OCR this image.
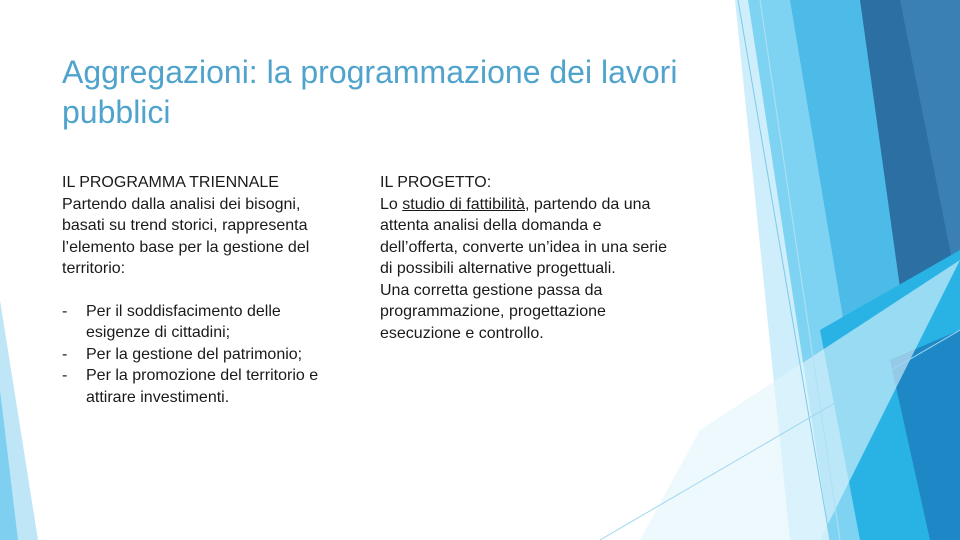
Aggregazioni: la programmazione dei lavori pubblici

IL PROGRAMMA TRIENNALE

Partendo dalla analisi dei bisogni, basati su trend storici, rappresenta l’elemento base per la gestione del territorio:

- Per il soddisfacimento delle esigenze di cittadini;
- Per la gestione del patrimonio;
- Per la promozione del territorio e attirare investimenti.

IL PROGETTO:

Lo studio di fattibilità, partendo da una attenta analisi della domanda e dell’offerta, converte un’idea in una serie di possibili alternative progettuali.

Una corretta gestione passa da programmazione, progettazione esecuzione e controllo.
